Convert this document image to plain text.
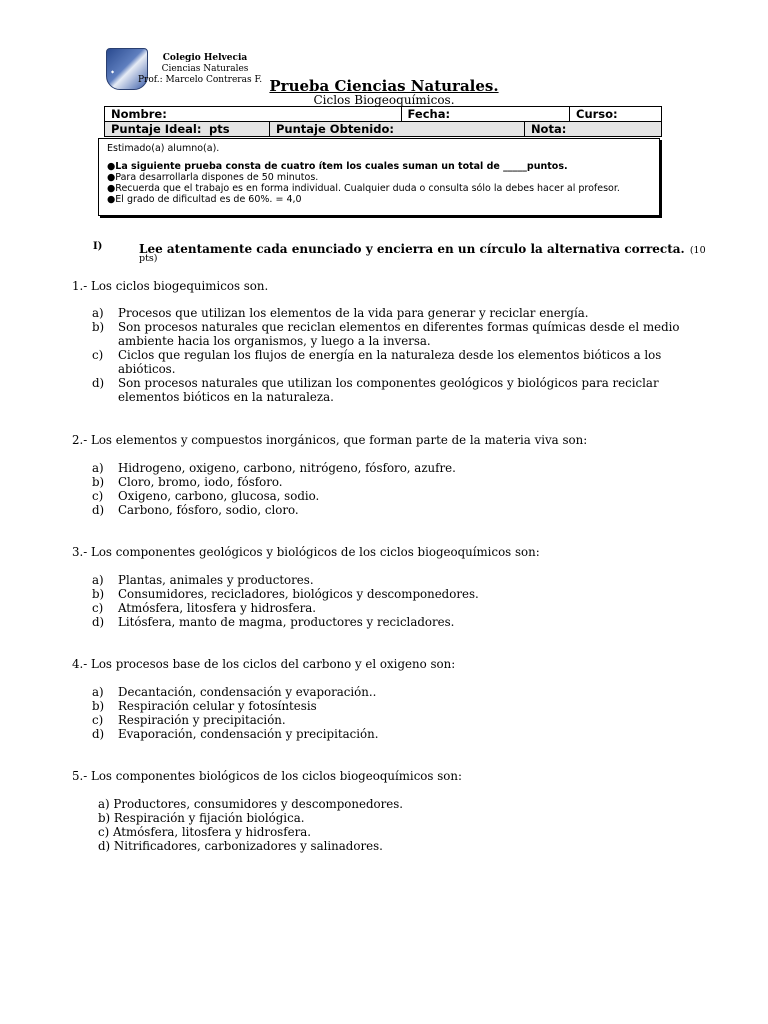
◆
Colegio Helvecia
Ciencias Naturales
Prof.: Marcelo Contreras F. Prueba Ciencias Naturales.
Ciclos Biogeoquímicos.
Nombre:			Fecha:		Curso:
Puntaje Ideal:	pts	Puntaje Obtenido:		Nota:	
Estimado(a) alumno(a).
●La siguiente prueba consta de cuatro ítem los cuales suman un total de _____puntos.
●Para desarrollarla dispones de 50 minutos.
●Recuerda que el trabajo es en forma individual. Cualquier duda o consulta sólo la debes hacer al profesor.
●El grado de dificultad es de 60%. = 4,0
I)	Lee atentamente cada enunciado y encierra en un círculo la alternativa correcta. (10
pts)
1.- Los ciclos biogequimicos son.
a) Procesos que utilizan los elementos de la vida para generar y reciclar energía.
b) Son procesos naturales que reciclan elementos en diferentes formas químicas desde el medio ambiente hacia los organismos, y luego a la inversa.
c) Ciclos que regulan los flujos de energía en la naturaleza desde los elementos bióticos a los abióticos.
d) Son procesos naturales que utilizan los componentes geológicos y biológicos para reciclar elementos bióticos en la naturaleza.
2.- Los elementos y compuestos inorgánicos, que forman parte de la materia viva son:
a) Hidrogeno, oxigeno, carbono, nitrógeno, fósforo, azufre.
b) Cloro, bromo, iodo, fósforo.
c) Oxigeno, carbono, glucosa, sodio.
d) Carbono, fósforo, sodio, cloro.
3.- Los componentes geológicos y biológicos de los ciclos biogeoquímicos son:
a) Plantas, animales y productores.
b) Consumidores, recicladores, biológicos y descomponedores.
c) Atmósfera, litosfera y hidrosfera.
d) Litósfera, manto de magma, productores y recicladores.
4.- Los procesos base de los ciclos del carbono y el oxigeno son:
a) Decantación, condensación y evaporación..
b) Respiración celular y fotosíntesis
c) Respiración y precipitación.
d) Evaporación, condensación y precipitación.
5.- Los componentes biológicos de los ciclos biogeoquímicos son:
a) Productores, consumidores y descomponedores.
b) Respiración y fijación biológica.
c) Atmósfera, litosfera y hidrosfera.
d) Nitrificadores, carbonizadores y salinadores.
